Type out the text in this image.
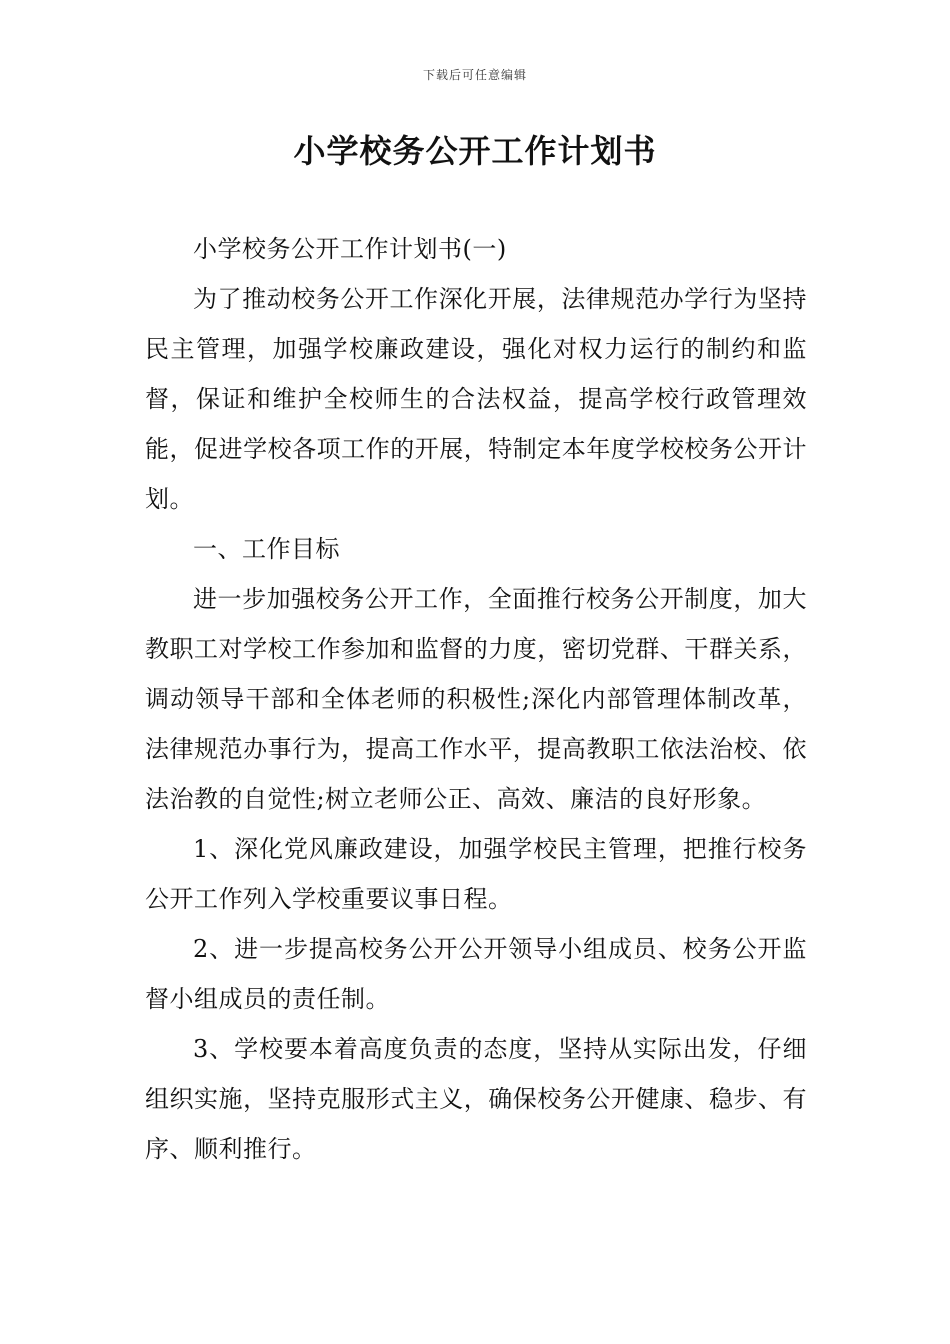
下载后可任意编辑
小学校务公开工作计划书

小学校务公开工作计划书(一)

为了推动校务公开工作深化开展，法律规范办学行为坚持民主管理，加强学校廉政建设，强化对权力运行的制约和监督，保证和维护全校师生的合法权益，提高学校行政管理效能，促进学校各项工作的开展，特制定本年度学校校务公开计划。

一、工作目标

进一步加强校务公开工作，全面推行校务公开制度，加大教职工对学校工作参加和监督的力度，密切党群、干群关系，调动领导干部和全体老师的积极性;深化内部管理体制改革，法律规范办事行为，提高工作水平，提高教职工依法治校、依法治教的自觉性;树立老师公正、高效、廉洁的良好形象。

1、深化党风廉政建设，加强学校民主管理，把推行校务公开工作列入学校重要议事日程。

2、进一步提高校务公开公开领导小组成员、校务公开监督小组成员的责任制。

3、学校要本着高度负责的态度，坚持从实际出发，仔细组织实施，坚持克服形式主义，确保校务公开健康、稳步、有序、顺利推行。
